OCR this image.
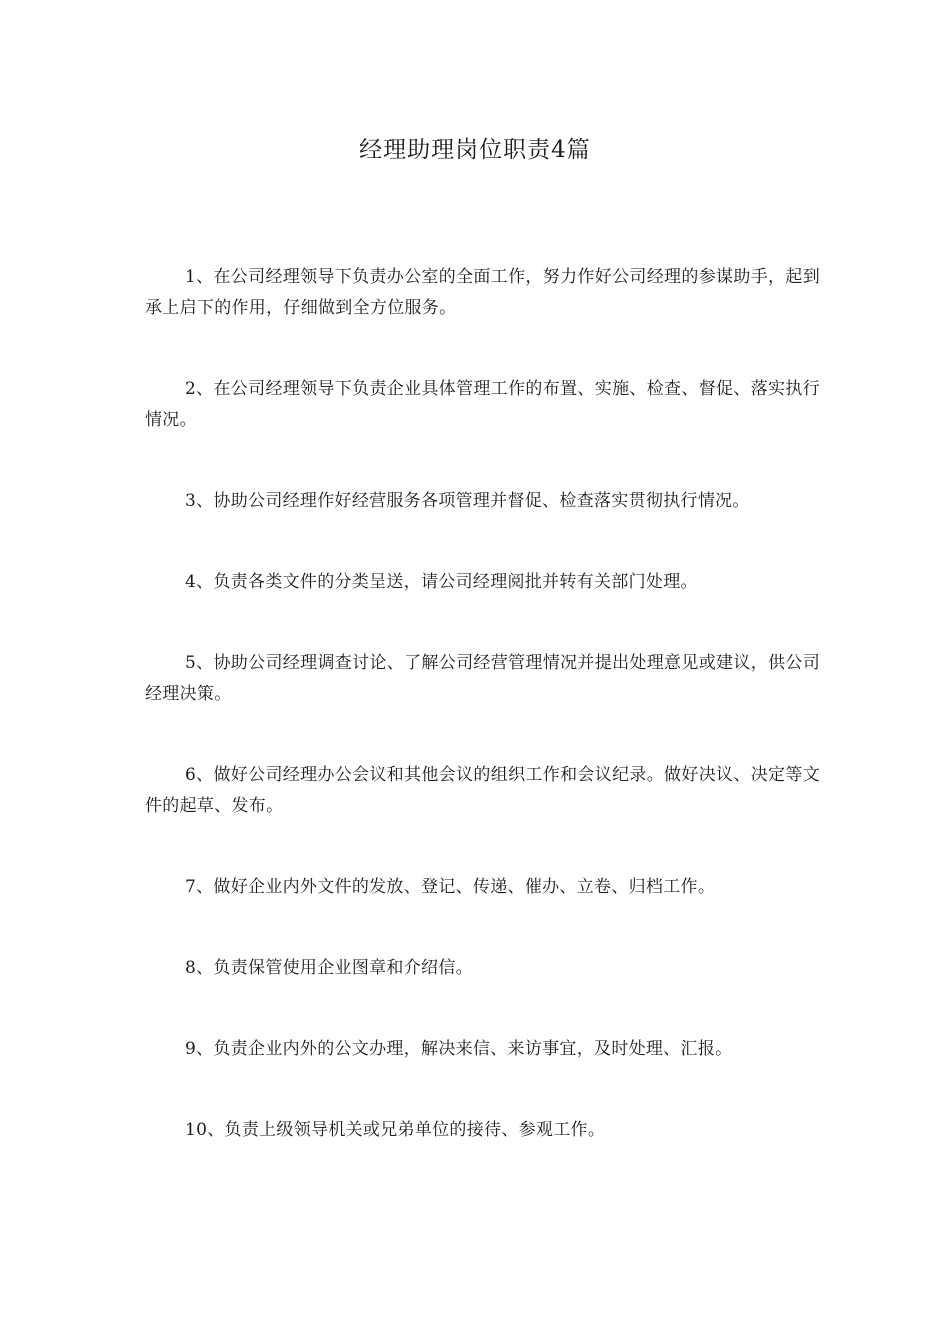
经理助理岗位职责4篇

1、在公司经理领导下负责办公室的全面工作，努力作好公司经理的参谋助手，起到承上启下的作用，仔细做到全方位服务。

2、在公司经理领导下负责企业具体管理工作的布置、实施、检查、督促、落实执行情况。

3、协助公司经理作好经营服务各项管理并督促、检查落实贯彻执行情况。

4、负责各类文件的分类呈送，请公司经理阅批并转有关部门处理。

5、协助公司经理调查讨论、了解公司经营管理情况并提出处理意见或建议，供公司经理决策。

6、做好公司经理办公会议和其他会议的组织工作和会议纪录。做好决议、决定等文件的起草、发布。

7、做好企业内外文件的发放、登记、传递、催办、立卷、归档工作。

8、负责保管使用企业图章和介绍信。

9、负责企业内外的公文办理，解决来信、来访事宜，及时处理、汇报。

10、负责上级领导机关或兄弟单位的接待、参观工作。
